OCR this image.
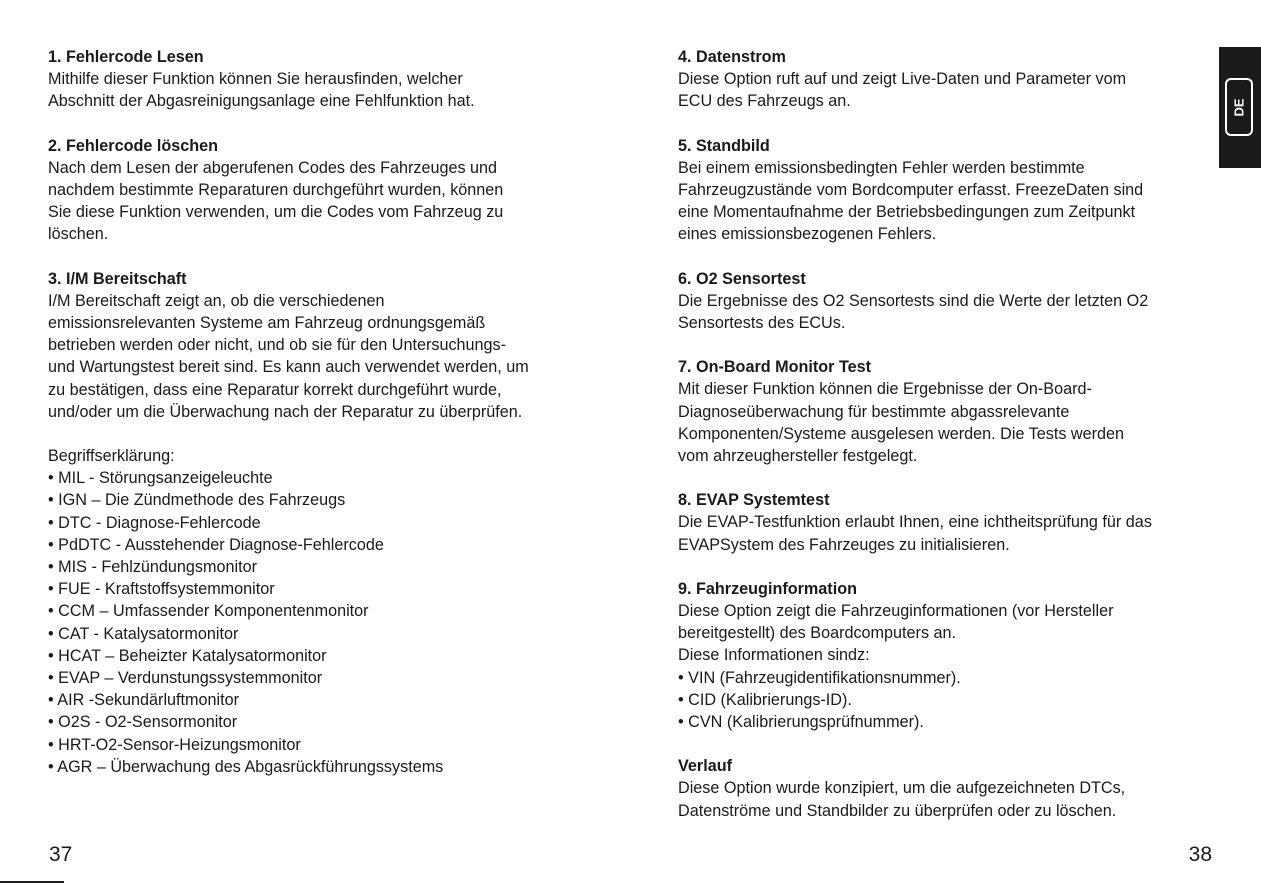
1. Fehlercode Lesen
Mithilfe dieser Funktion können Sie herausfinden, welcher
Abschnitt der Abgasreinigungsanlage eine Fehlfunktion hat.
2. Fehlercode löschen
Nach dem Lesen der abgerufenen Codes des Fahrzeuges und
nachdem bestimmte Reparaturen durchgeführt wurden, können
Sie diese Funktion verwenden, um die Codes vom Fahrzeug zu
löschen.
3. I/M Bereitschaft
I/M Bereitschaft zeigt an, ob die verschiedenen
emissionsrelevanten Systeme am Fahrzeug ordnungsgemäß
betrieben werden oder nicht, und ob sie für den Untersuchungs-
und Wartungstest bereit sind. Es kann auch verwendet werden, um
zu bestätigen, dass eine Reparatur korrekt durchgeführt wurde,
und/oder um die Überwachung nach der Reparatur zu überprüfen.
Begriffserklärung:
• MIL - Störungsanzeigeleuchte
• IGN – Die Zündmethode des Fahrzeugs
• DTC - Diagnose-Fehlercode
• PdDTC - Ausstehender Diagnose-Fehlercode
• MIS - Fehlzündungsmonitor
• FUE - Kraftstoffsystemmonitor
• CCM – Umfassender Komponentenmonitor
• CAT - Katalysatormonitor
• HCAT – Beheizter Katalysatormonitor
• EVAP – Verdunstungssystemmonitor
• AIR -Sekundärluftmonitor
• O2S - O2-Sensormonitor
• HRT-O2-Sensor-Heizungsmonitor
• AGR – Überwachung des Abgasrückführungssystems
37
4. Datenstrom
Diese Option ruft auf und zeigt Live-Daten und Parameter vom
ECU des Fahrzeugs an.
5. Standbild
Bei einem emissionsbedingten Fehler werden bestimmte
Fahrzeugzustände vom Bordcomputer erfasst. FreezeDaten sind
eine Momentaufnahme der Betriebsbedingungen zum Zeitpunkt
eines emissionsbezogenen Fehlers.
6. O2 Sensortest
Die Ergebnisse des O2 Sensortests sind die Werte der letzten O2
Sensortests des ECUs.
7. On-Board Monitor Test
Mit dieser Funktion können die Ergebnisse der On-Board-
Diagnoseüberwachung für bestimmte abgassrelevante
Komponenten/Systeme ausgelesen werden. Die Tests werden
vom ahrzeughersteller festgelegt.
8. EVAP Systemtest
Die EVAP-Testfunktion erlaubt Ihnen, eine ichtheitsprüfung für das
EVAPSystem des Fahrzeuges zu initialisieren.
9. Fahrzeuginformation
Diese Option zeigt die Fahrzeuginformationen (vor Hersteller
bereitgestellt) des Boardcomputers an.
Diese Informationen sindz:
• VIN (Fahrzeugidentifikationsnummer).
• CID (Kalibrierungs-ID).
• CVN (Kalibrierungsprüfnummer).
Verlauf
Diese Option wurde konzipiert, um die aufgezeichneten DTCs,
Datenströme und Standbilder zu überprüfen oder zu löschen.
38
DE
